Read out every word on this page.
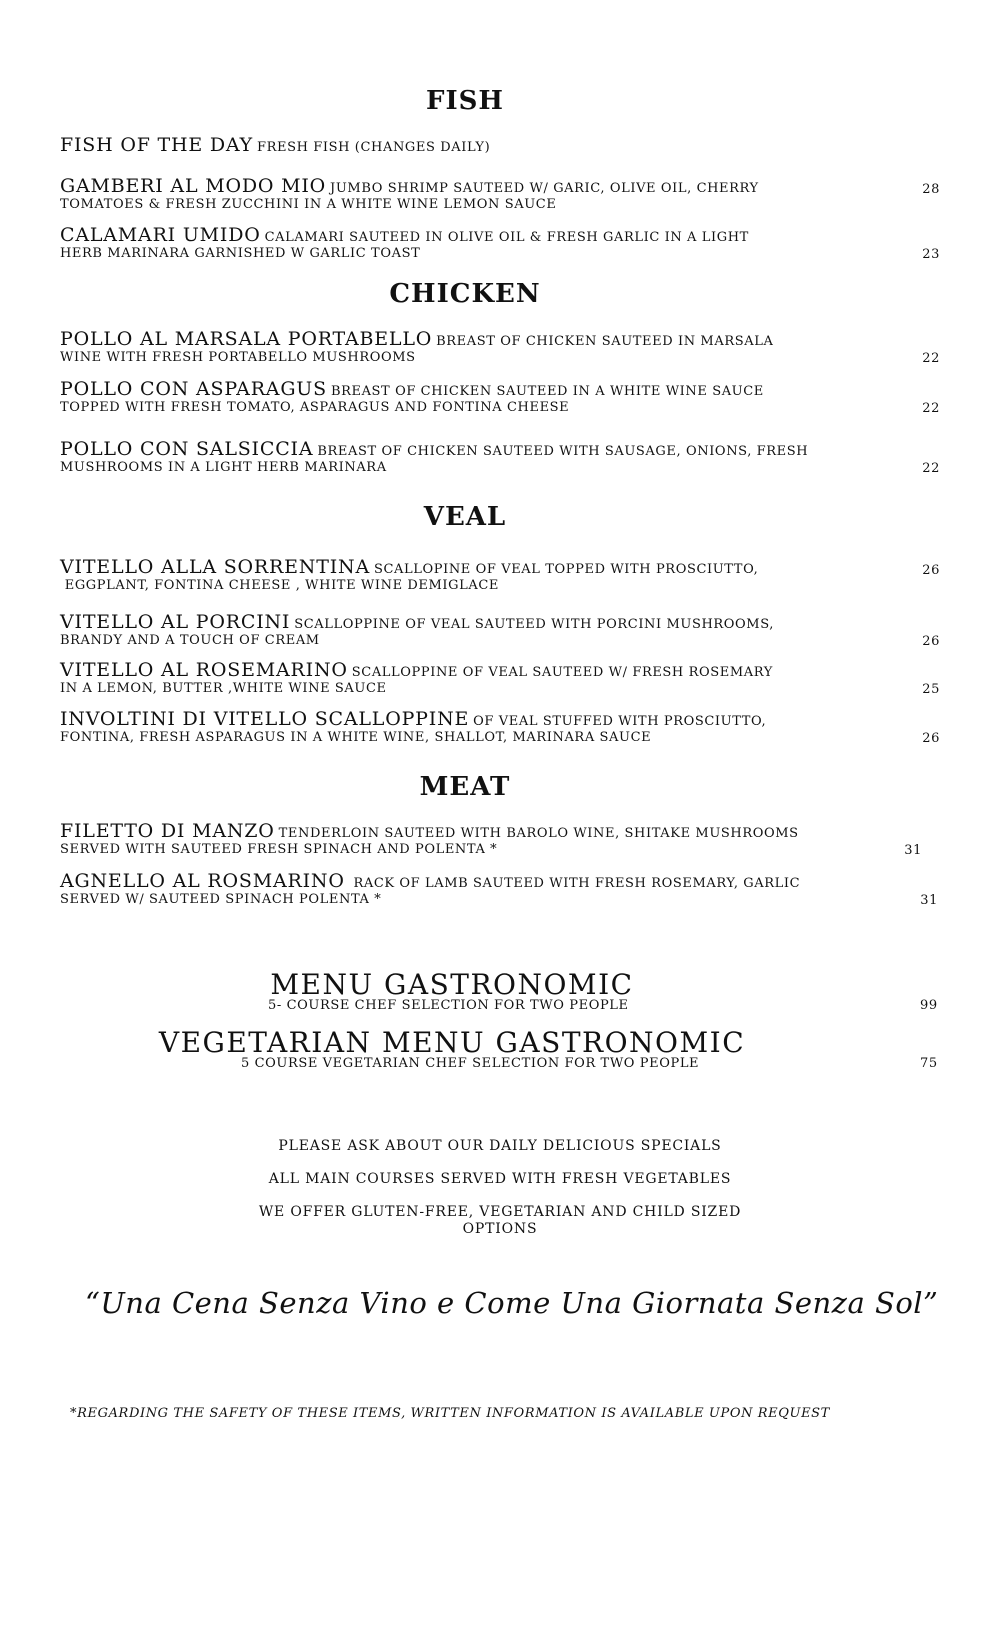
FISH
FISH OF THE DAY FRESH FISH (CHANGES DAILY)
GAMBERI AL MODO MIO JUMBO SHRIMP SAUTEED W/ GARIC, OLIVE OIL, CHERRY
TOMATOES & FRESH ZUCCHINI IN A WHITE WINE LEMON SAUCE
28
CALAMARI UMIDO CALAMARI SAUTEED IN OLIVE OIL & FRESH GARLIC IN A LIGHT
HERB MARINARA GARNISHED W GARLIC TOAST	23
CHICKEN
POLLO AL MARSALA PORTABELLO BREAST OF CHICKEN SAUTEED IN MARSALA
WINE WITH FRESH PORTABELLO MUSHROOMS	22
POLLO CON ASPARAGUS BREAST OF CHICKEN SAUTEED IN A WHITE WINE SAUCE
TOPPED WITH FRESH TOMATO, ASPARAGUS AND FONTINA CHEESE	22
POLLO CON SALSICCIA BREAST OF CHICKEN SAUTEED WITH SAUSAGE, ONIONS, FRESH
MUSHROOMS IN A LIGHT HERB MARINARA	22
VEAL
VITELLO ALLA SORRENTINA SCALLOPINE OF VEAL TOPPED WITH PROSCIUTTO,
EGGPLANT, FONTINA CHEESE , WHITE WINE DEMIGLACE
26
VITELLO AL PORCINI SCALLOPPINE OF VEAL SAUTEED WITH PORCINI MUSHROOMS,
BRANDY AND A TOUCH OF CREAM	26
VITELLO AL ROSEMARINO SCALLOPPINE OF VEAL SAUTEED W/ FRESH ROSEMARY
IN A LEMON, BUTTER ,WHITE WINE SAUCE	25
INVOLTINI DI VITELLO SCALLOPPINE OF VEAL STUFFED WITH PROSCIUTTO,
FONTINA, FRESH ASPARAGUS IN A WHITE WINE, SHALLOT, MARINARA SAUCE	26
MEAT
FILETTO DI MANZO TENDERLOIN SAUTEED WITH BAROLO WINE, SHITAKE MUSHROOMS
SERVED WITH SAUTEED FRESH SPINACH AND POLENTA *	31
AGNELLO AL ROSMARINO RACK OF LAMB SAUTEED WITH FRESH ROSEMARY, GARLIC
SERVED W/ SAUTEED SPINACH POLENTA *	31
MENU GASTRONOMIC
5- COURSE CHEF SELECTION FOR TWO PEOPLE	99
VEGETARIAN MENU GASTRONOMIC
5 COURSE VEGETARIAN CHEF SELECTION FOR TWO PEOPLE	75
PLEASE ASK ABOUT OUR DAILY DELICIOUS SPECIALS
ALL MAIN COURSES SERVED WITH FRESH VEGETABLES
WE OFFER GLUTEN-FREE, VEGETARIAN AND CHILD SIZED
OPTIONS
“Una Cena Senza Vino e Come Una Giornata Senza Sol”
*REGARDING THE SAFETY OF THESE ITEMS, WRITTEN INFORMATION IS AVAILABLE UPON REQUEST
